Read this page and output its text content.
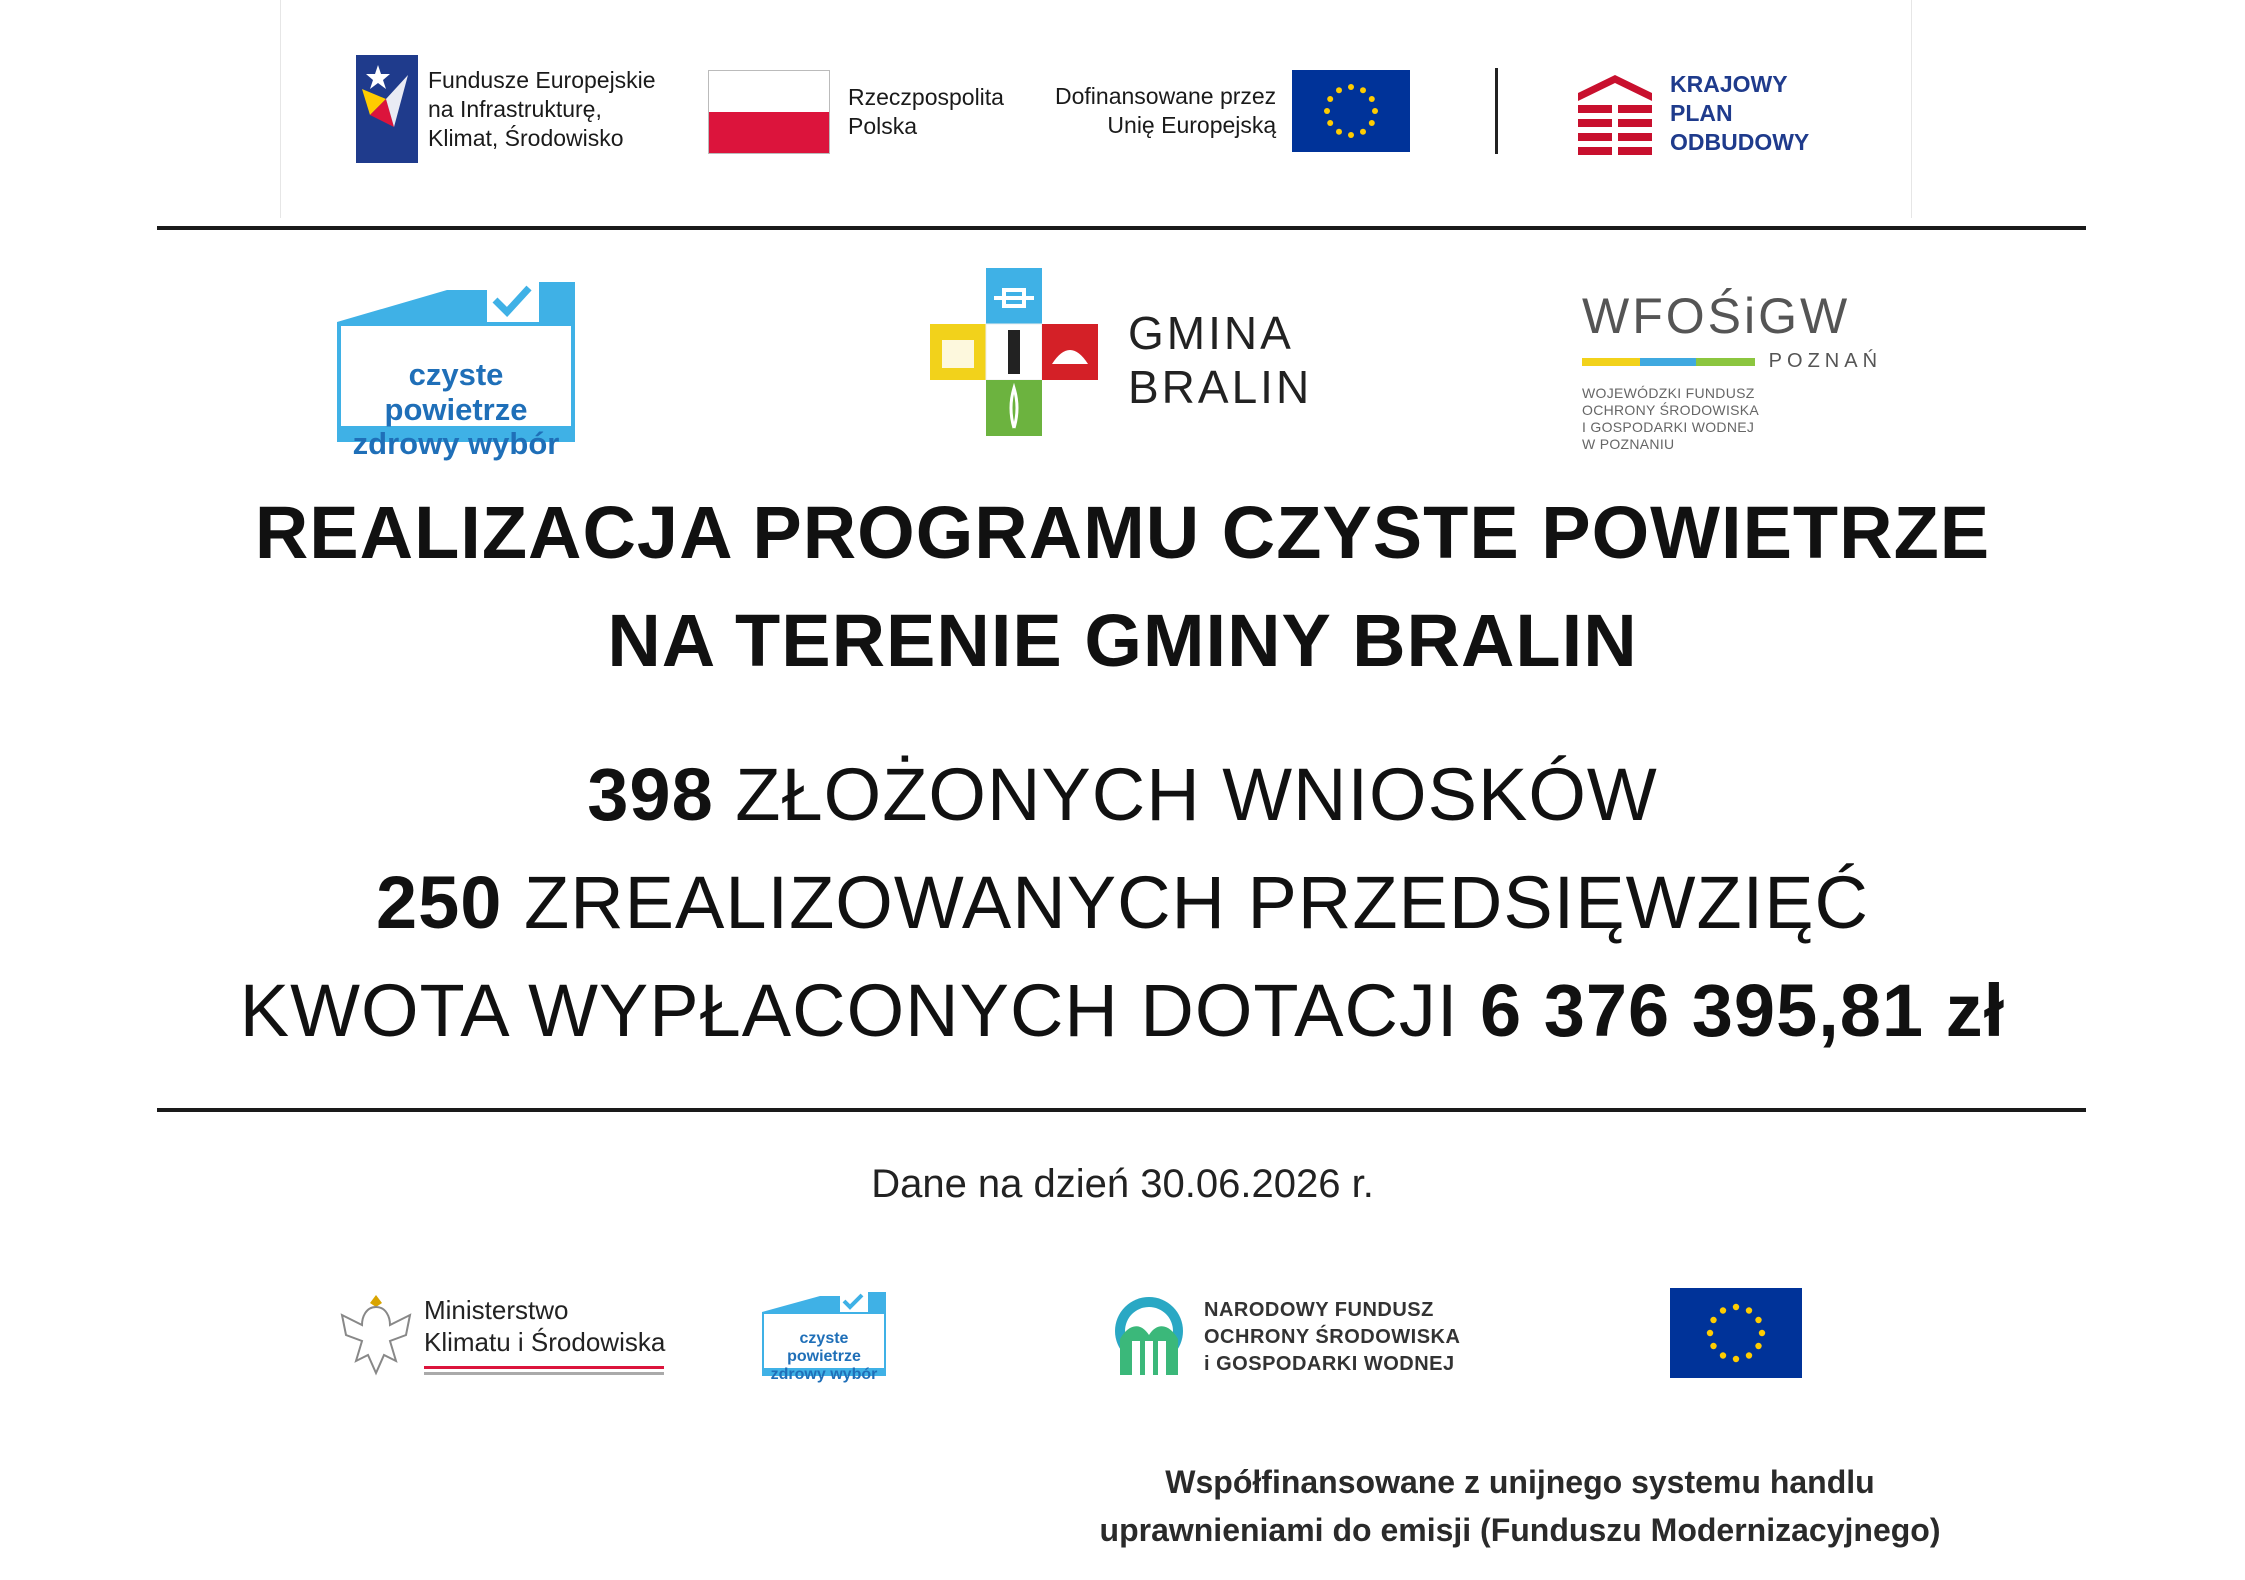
Fundusze Europejskie
na Infrastrukturę,
Klimat, Środowisko
Rzeczpospolita
Polska
Dofinansowane przez
Unię Europejską
KRAJOWY
PLAN
ODBUDOWY
czyste powietrze
zdrowy wybór
GMINA
BRALIN
WFOŚiGW
POZNAŃ
WOJEWÓDZKI FUNDUSZ
OCHRONY ŚRODOWISKA
I GOSPODARKI WODNEJ
W POZNANIU
REALIZACJA PROGRAMU CZYSTE POWIETRZE
NA TERENIE GMINY BRALIN
398 ZŁOŻONYCH WNIOSKÓW
250 ZREALIZOWANYCH PRZEDSIĘWZIĘĆ
KWOTA WYPŁACONYCH DOTACJI 6 376 395,81 zł
Dane na dzień 30.06.2026 r.
Ministerstwo
Klimatu i Środowiska	czyste powietrze
zdrowy wybór
NARODOWY FUNDUSZ
OCHRONY ŚRODOWISKA
i GOSPODARKI WODNEJ
Współfinansowane z unijnego systemu handlu
uprawnieniami do emisji (Funduszu Modernizacyjnego)
